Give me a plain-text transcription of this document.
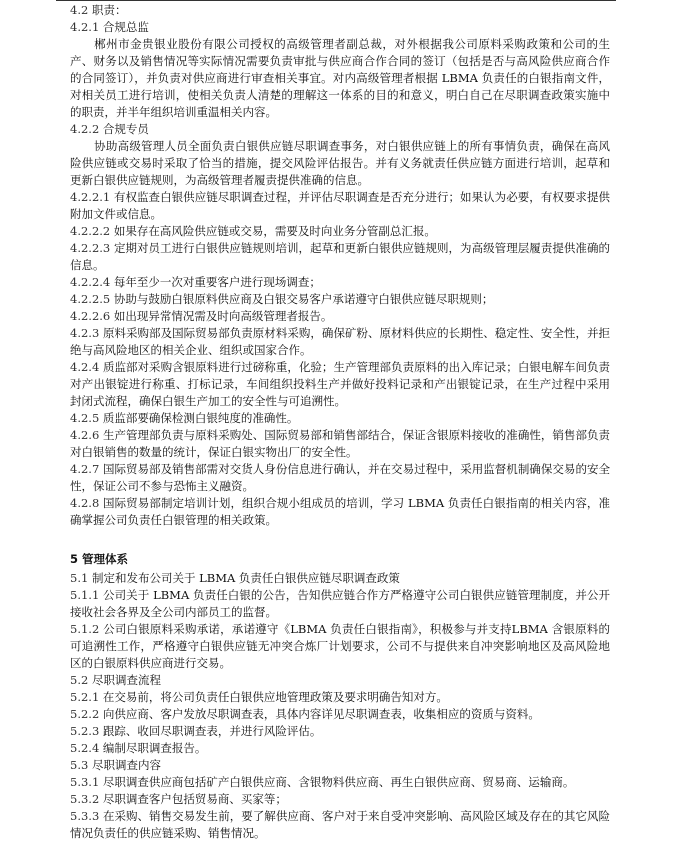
4.2 职责：

4.2.1 合规总监

郴州市金贵银业股份有限公司授权的高级管理者副总裁，对外根据我公司原料采购政策和公司的生产、财务以及销售情况等实际情况需要负责审批与供应商合作合同的签订（包括是否与高风险供应商合作的合同签订），并负责对供应商进行审查相关事宜。对内高级管理者根据 LBMA 负责任的白银指南文件，对相关员工进行培训，使相关负责人清楚的理解这一体系的目的和意义，明白自己在尽职调查政策实施中的职责，并半年组织培训重温相关内容。

4.2.2 合规专员

协助高级管理人员全面负责白银供应链尽职调查事务，对白银供应链上的所有事情负责，确保在高风险供应链或交易时采取了恰当的措施，提交风险评估报告。并有义务就责任供应链方面进行培训，起草和更新白银供应链规则，为高级管理者履责提供准确的信息。

4.2.2.1 有权监查白银供应链尽职调查过程，并评估尽职调查是否充分进行；如果认为必要，有权要求提供附加文件或信息。

4.2.2.2 如果存在高风险供应链或交易，需要及时向业务分管副总汇报。

4.2.2.3 定期对员工进行白银供应链规则培训，起草和更新白银供应链规则，为高级管理层履责提供准确的信息。

4.2.2.4 每年至少一次对重要客户进行现场调查；

4.2.2.5 协助与鼓励白银原料供应商及白银交易客户承诺遵守白银供应链尽职规则；

4.2.2.6 如出现异常情况需及时向高级管理者报告。

4.2.3 原料采购部及国际贸易部负责原材料采购，确保矿粉、原材料供应的长期性、稳定性、安全性，并拒绝与高风险地区的相关企业、组织或国家合作。

4.2.4 质监部对采购含银原料进行过磅称重，化验；生产管理部负责原料的出入库记录；白银电解车间负责对产出银锭进行称重、打标记录，车间组织投料生产并做好投料记录和产出银锭记录，在生产过程中采用封闭式流程，确保白银生产加工的安全性与可追溯性。

4.2.5 质监部要确保检测白银纯度的准确性。

4.2.6 生产管理部负责与原料采购处、国际贸易部和销售部结合，保证含银原料接收的准确性，销售部负责对白银销售的数量的统计，保证白银实物出厂的安全性。

4.2.7 国际贸易部及销售部需对交货人身份信息进行确认，并在交易过程中，采用监督机制确保交易的安全性，保证公司不参与恐怖主义融资。

4.2.8 国际贸易部制定培训计划，组织合规小组成员的培训，学习 LBMA 负责任白银指南的相关内容，准确掌握公司负责任白银管理的相关政策。

5 管理体系

5.1 制定和发布公司关于 LBMA 负责任白银供应链尽职调查政策

5.1.1 公司关于 LBMA 负责任白银的公告，告知供应链合作方严格遵守公司白银供应链管理制度，并公开接收社会各界及全公司内部员工的监督。

5.1.2 公司白银原料采购承诺，承诺遵守《LBMA 负责任白银指南》，积极参与并支持LBMA 含银原料的可追溯性工作，严格遵守白银供应链无冲突合炼厂计划要求，公司不与提供来自冲突影响地区及高风险地区的白银原料供应商进行交易。

5.2 尽职调查流程

5.2.1 在交易前，将公司负责任白银供应地管理政策及要求明确告知对方。

5.2.2 向供应商、客户发放尽职调查表，具体内容详见尽职调查表，收集相应的资质与资料。

5.2.3 跟踪、收回尽职调查表，并进行风险评估。

5.2.4 编制尽职调查报告。

5.3 尽职调查内容

5.3.1 尽职调查供应商包括矿产白银供应商、含银物料供应商、再生白银供应商、贸易商、运输商。

5.3.2 尽职调查客户包括贸易商、买家等；

5.3.3 在采购、销售交易发生前，要了解供应商、客户对于来自受冲突影响、高风险区域及存在的其它风险情况负责任的供应链采购、销售情况。
